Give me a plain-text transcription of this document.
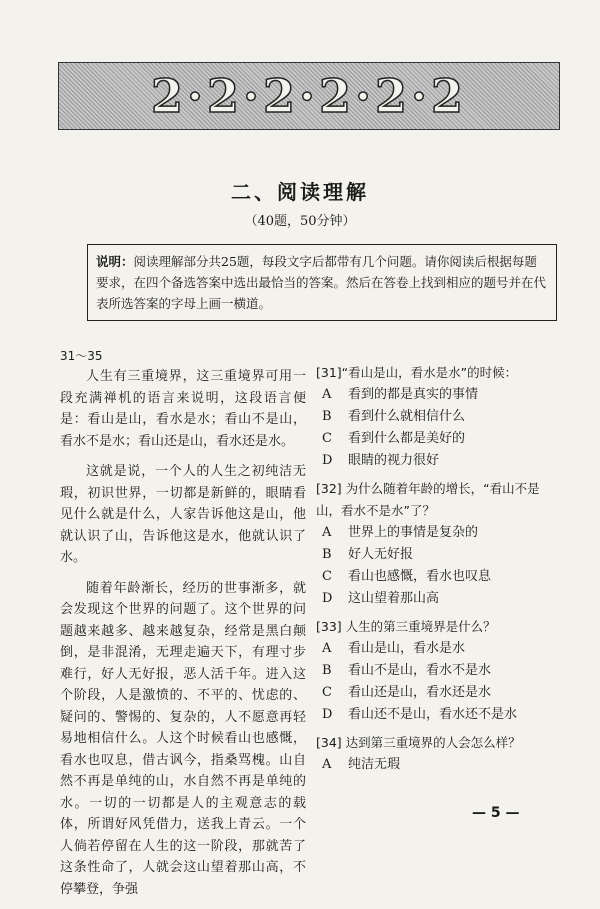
2·2·2·2·2·2
二、阅读理解
（40题，50分钟）
说明：阅读理解部分共25题，每段文字后都带有几个问题。请你阅读后根据每题要求，在四个备选答案中选出最恰当的答案。然后在答卷上找到相应的题号并在代表所选答案的字母上画一横道。
31～35

人生有三重境界，这三重境界可用一段充满禅机的语言来说明，这段语言便是：看山是山，看水是水；看山不是山，看水不是水；看山还是山，看水还是水。

这就是说，一个人的人生之初纯洁无瑕，初识世界，一切都是新鲜的，眼睛看见什么就是什么，人家告诉他这是山，他就认识了山，告诉他这是水，他就认识了水。

随着年龄渐长，经历的世事渐多，就会发现这个世界的问题了。这个世界的问题越来越多、越来越复杂，经常是黑白颠倒，是非混淆，无理走遍天下，有理寸步难行，好人无好报，恶人活千年。进入这个阶段，人是激愤的、不平的、忧虑的、疑问的、警惕的、复杂的，人不愿意再轻易地相信什么。人这个时候看山也感慨，看水也叹息，借古讽今，指桑骂槐。山自然不再是单纯的山，水自然不再是单纯的水。一切的一切都是人的主观意志的载体，所谓好风凭借力，送我上青云。一个人倘若停留在人生的这一阶段，那就苦了这条性命了，人就会这山望着那山高，不停攀登，争强

[31]“看山是山，看水是水”的时候：
A	看到的都是真实的事情
B	看到什么就相信什么
C	看到什么都是美好的
D	眼睛的视力很好
[32] 为什么随着年龄的增长，“看山不是山，看水不是水”了？
A	世界上的事情是复杂的
B	好人无好报
C	看山也感慨，看水也叹息
D	这山望着那山高
[33] 人生的第三重境界是什么？
A	看山是山，看水是水
B	看山不是山，看水不是水
C	看山还是山，看水还是水
D	看山还不是山，看水还不是水
[34] 达到第三重境界的人会怎么样？
A	纯洁无瑕
— 5 —
